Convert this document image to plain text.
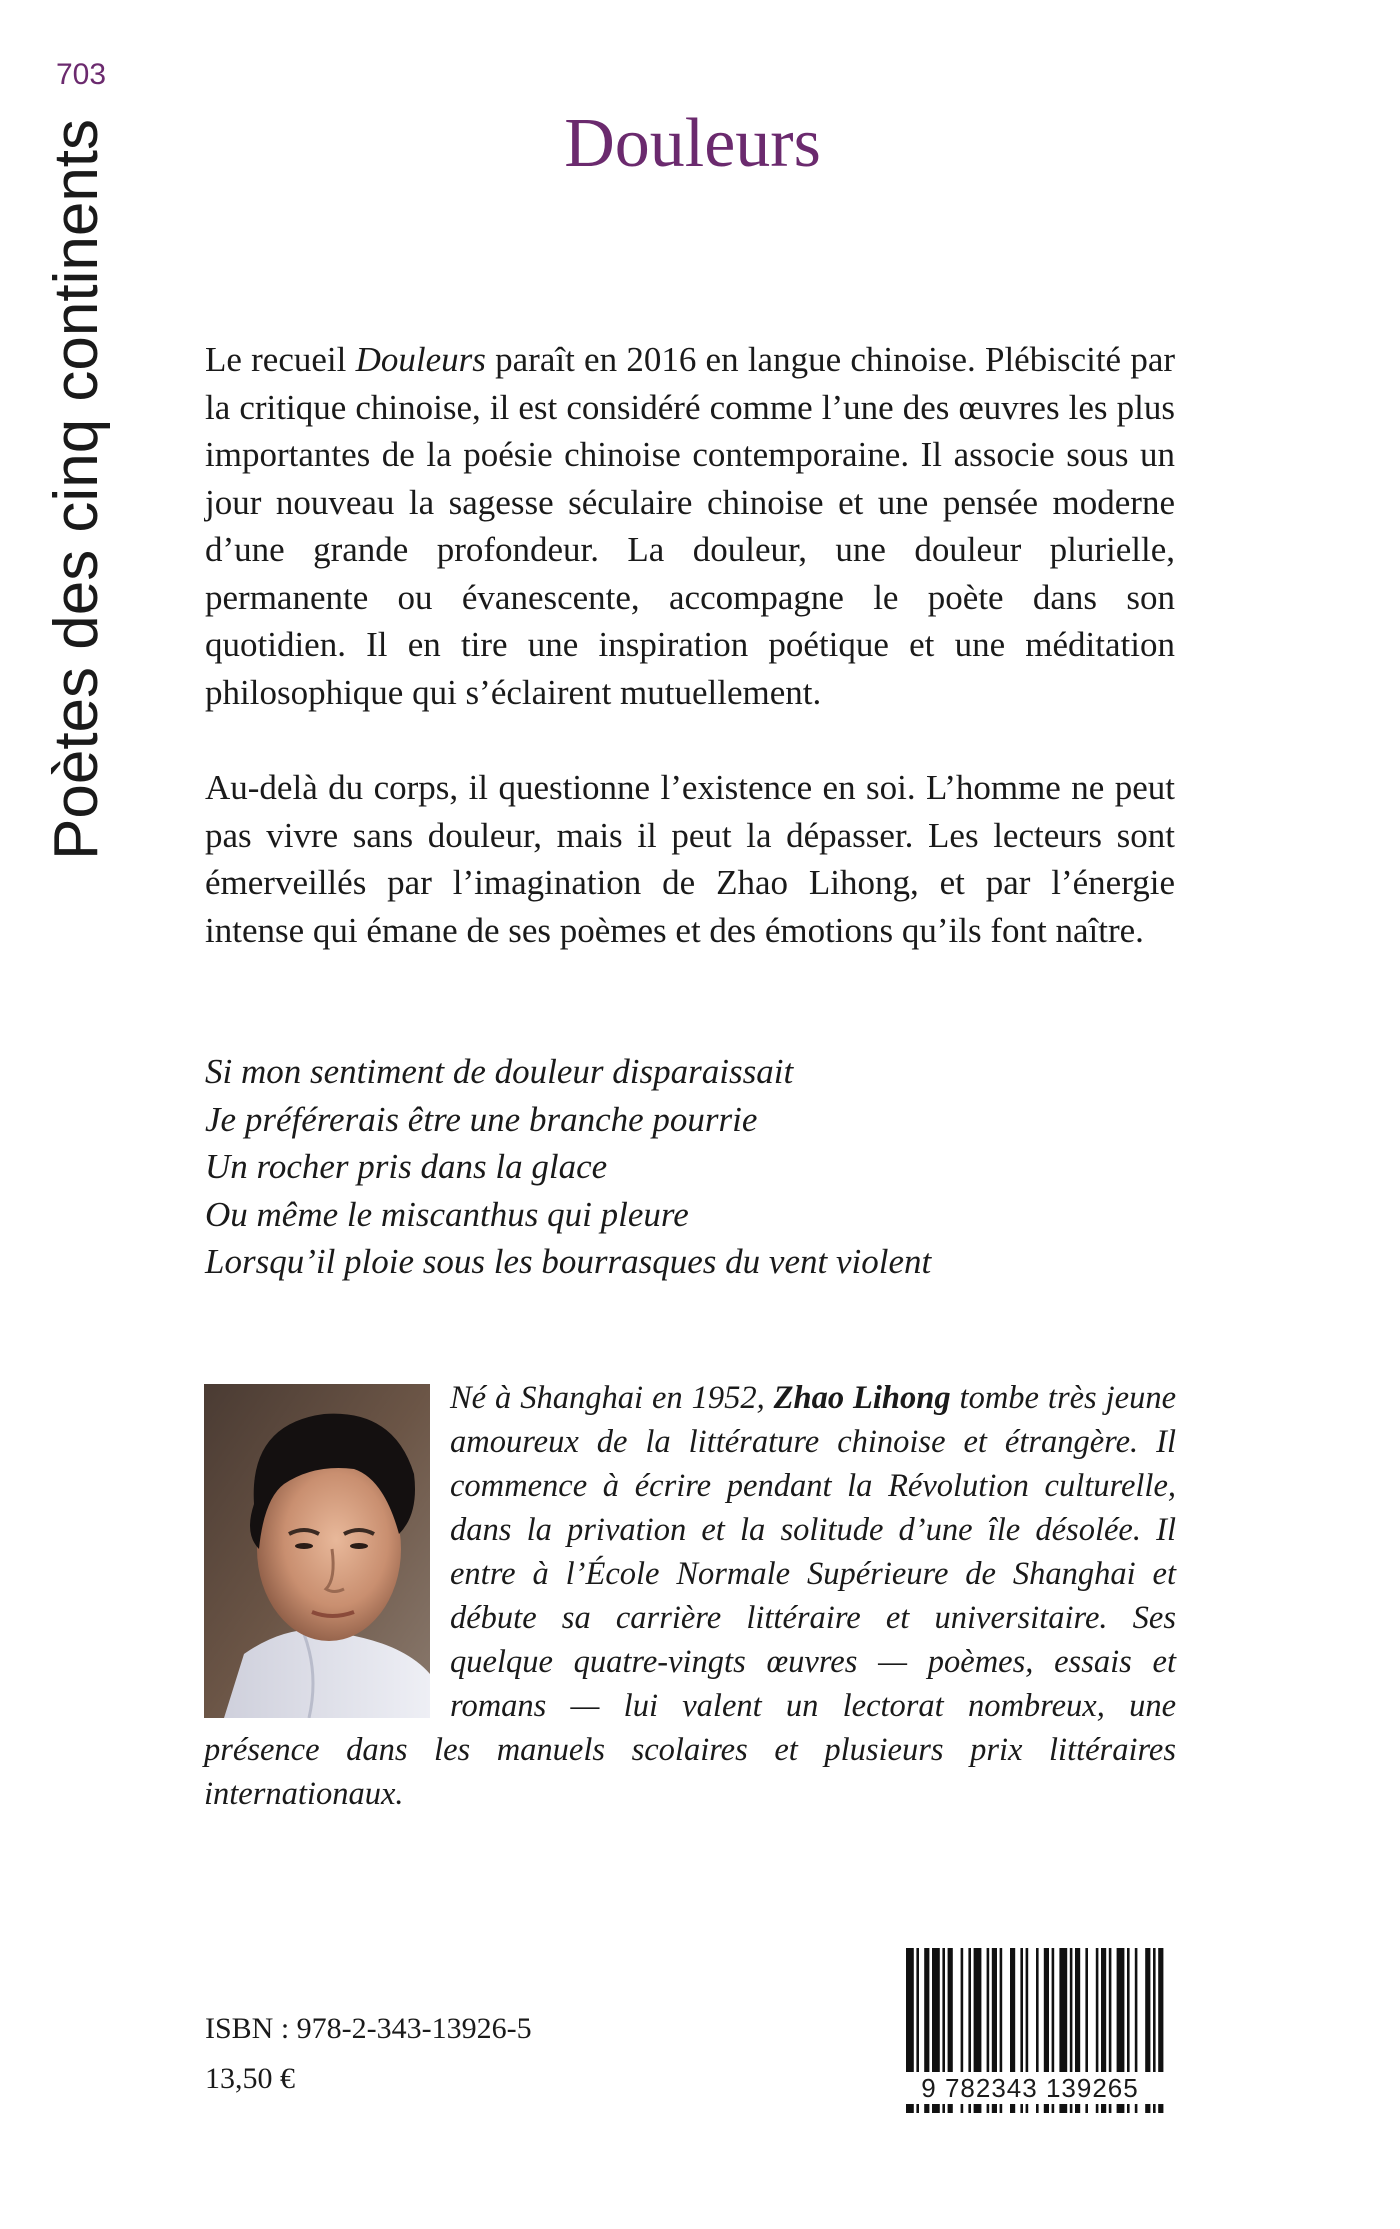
703
Poètes des cinq continents	Douleurs

Le recueil Douleurs paraît en 2016 en langue chinoise. Plébiscité par la critique chinoise, il est considéré comme l’une des œuvres les plus importantes de la poésie chinoise contemporaine. Il associe sous un jour nouveau la sagesse séculaire chinoise et une pensée moderne d’une grande profondeur. La douleur, une douleur plurielle, permanente ou évanescente, accompagne le poète dans son quotidien. Il en tire une inspiration poétique et une méditation philosophique qui s’éclairent mutuellement.

Au-delà du corps, il questionne l’existence en soi. L’homme ne peut pas vivre sans douleur, mais il peut la dépasser. Les lecteurs sont émerveillés par l’imagination de Zhao Lihong, et par l’énergie intense qui émane de ses poèmes et des émotions qu’ils font naître.

Si mon sentiment de douleur disparaissait
Je préférerais être une branche pourrie
Un rocher pris dans la glace
Ou même le miscanthus qui pleure
Lorsqu’il ploie sous les bourrasques du vent violent
Né à Shanghai en 1952, Zhao Lihong tombe très jeune amoureux de la littérature chinoise et étrangère. Il commence à écrire pendant la Révolution culturelle, dans la privation et la solitude d’une île désolée. Il entre à l’École Normale Supérieure de Shanghai et débute sa carrière littéraire et universitaire. Ses quelque quatre-vingts œuvres — poèmes, essais et romans — lui valent un lectorat nombreux, une présence dans les manuels scolaires et plusieurs prix littéraires internationaux.
ISBN : 978-2-343-13926-5
13,50 €	9 782343 139265
